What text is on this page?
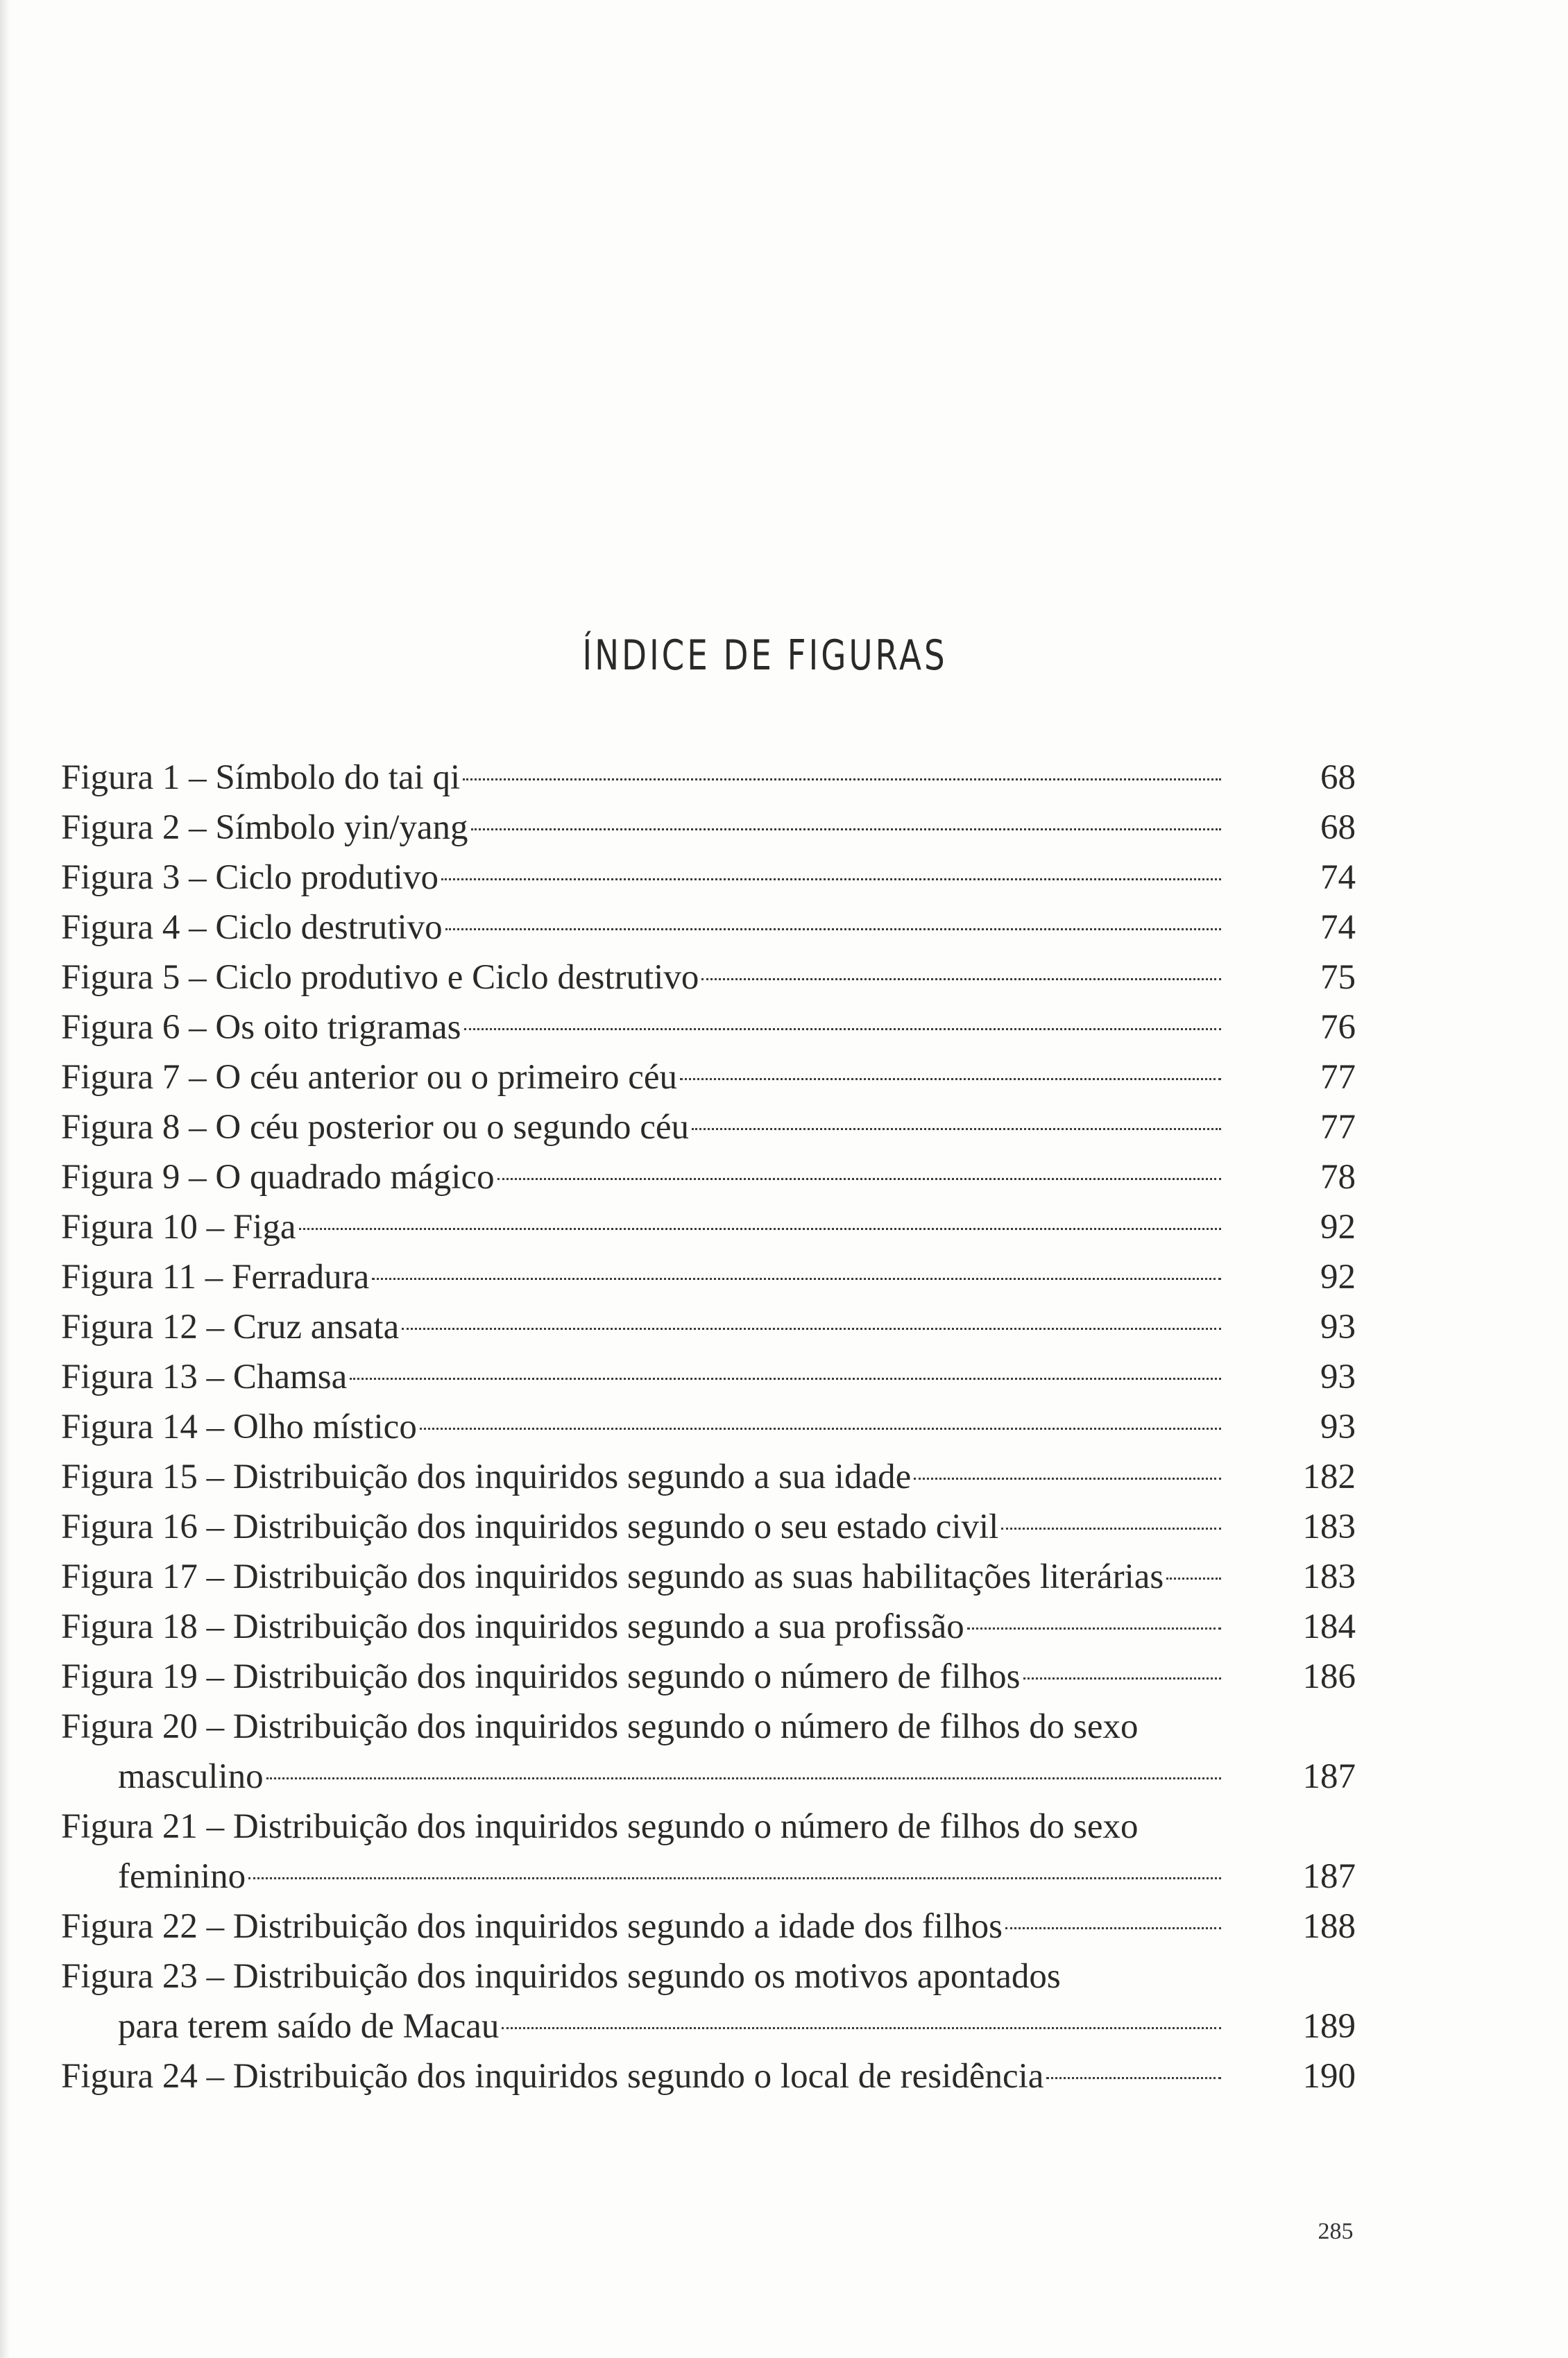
ÍNDICE DE FIGURAS
Figura 1 – Símbolo do tai qi	68
Figura 2 – Símbolo yin/yang	68
Figura 3 – Ciclo produtivo	74
Figura 4 – Ciclo destrutivo	74
Figura 5 – Ciclo produtivo e Ciclo destrutivo	75
Figura 6 – Os oito trigramas	76
Figura 7 – O céu anterior ou o primeiro céu	77
Figura 8 – O céu posterior ou o segundo céu	77
Figura 9 – O quadrado mágico	78
Figura 10 – Figa	92
Figura 11 – Ferradura	92
Figura 12 – Cruz ansata	93
Figura 13 – Chamsa	93
Figura 14 – Olho místico	93
Figura 15 – Distribuição dos inquiridos segundo a sua idade	182
Figura 16 – Distribuição dos inquiridos segundo o seu estado civil	183
Figura 17 – Distribuição dos inquiridos segundo as suas habilitações literárias	183
Figura 18 – Distribuição dos inquiridos segundo a sua profissão	184
Figura 19 – Distribuição dos inquiridos segundo o número de filhos	186
Figura 20 – Distribuição dos inquiridos segundo o número de filhos do sexo
masculino	187
Figura 21 – Distribuição dos inquiridos segundo o número de filhos do sexo
feminino	187
Figura 22 – Distribuição dos inquiridos segundo a idade dos filhos	188
Figura 23 – Distribuição dos inquiridos segundo os motivos apontados
para terem saído de Macau	189
Figura 24 – Distribuição dos inquiridos segundo o local de residência	190
285
